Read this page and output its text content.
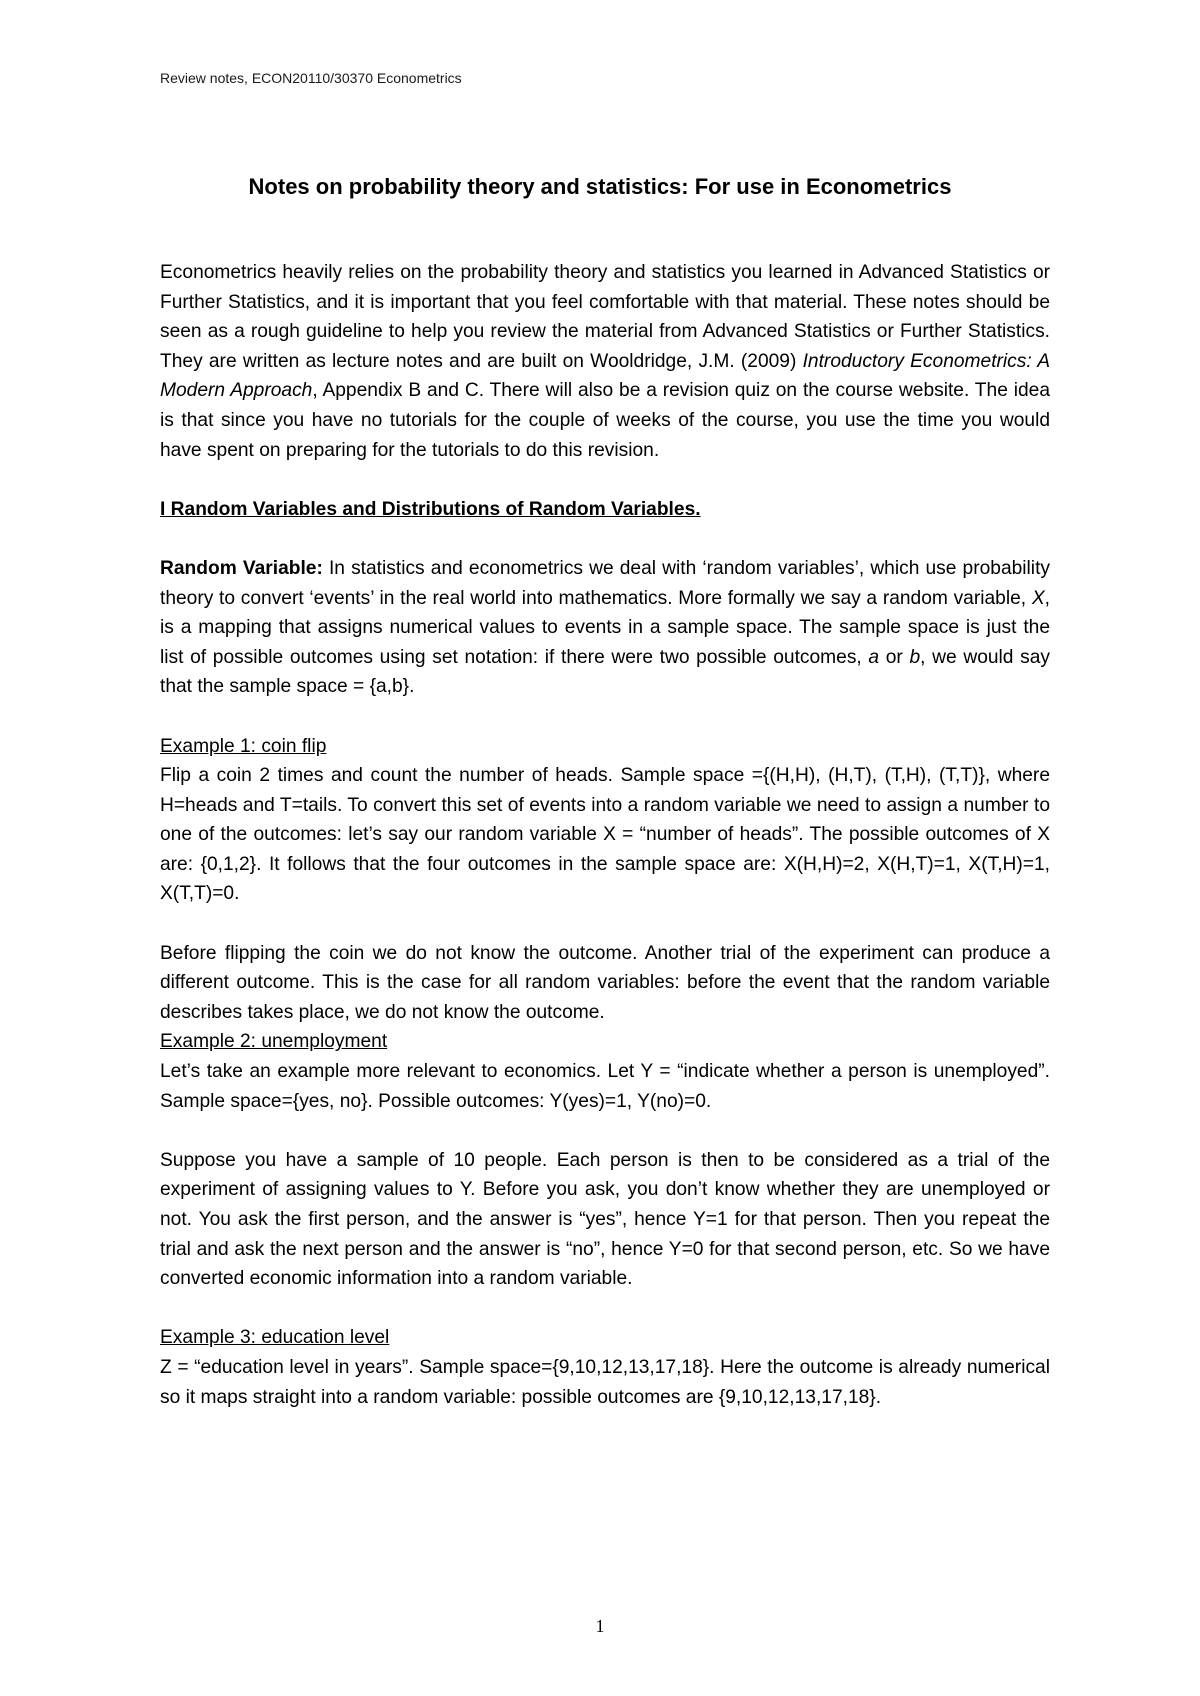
Review notes, ECON20110/30370 Econometrics
Notes on probability theory and statistics: For use in Econometrics

Econometrics heavily relies on the probability theory and statistics you learned in Advanced Statistics or Further Statistics, and it is important that you feel comfortable with that material. These notes should be seen as a rough guideline to help you review the material from Advanced Statistics or Further Statistics. They are written as lecture notes and are built on Wooldridge, J.M. (2009) Introductory Econometrics: A Modern Approach, Appendix B and C. There will also be a revision quiz on the course website. The idea is that since you have no tutorials for the couple of weeks of the course, you use the time you would have spent on preparing for the tutorials to do this revision.

I Random Variables and Distributions of Random Variables.

Random Variable: In statistics and econometrics we deal with ‘random variables’, which use probability theory to convert ‘events’ in the real world into mathematics. More formally we say a random variable, X, is a mapping that assigns numerical values to events in a sample space. The sample space is just the list of possible outcomes using set notation: if there were two possible outcomes, a or b, we would say that the sample space = {a,b}.

Example 1: coin flip

Flip a coin 2 times and count the number of heads. Sample space ={(H,H), (H,T), (T,H), (T,T)}, where H=heads and T=tails. To convert this set of events into a random variable we need to assign a number to one of the outcomes: let’s say our random variable X = “number of heads”. The possible outcomes of X are: {0,1,2}. It follows that the four outcomes in the sample space are: X(H,H)=2, X(H,T)=1, X(T,H)=1, X(T,T)=0.

Before flipping the coin we do not know the outcome. Another trial of the experiment can produce a different outcome. This is the case for all random variables: before the event that the random variable describes takes place, we do not know the outcome.

Example 2: unemployment

Let’s take an example more relevant to economics. Let Y = “indicate whether a person is unemployed”. Sample space={yes, no}. Possible outcomes: Y(yes)=1, Y(no)=0.

Suppose you have a sample of 10 people. Each person is then to be considered as a trial of the experiment of assigning values to Y. Before you ask, you don’t know whether they are unemployed or not. You ask the first person, and the answer is “yes”, hence Y=1 for that person. Then you repeat the trial and ask the next person and the answer is “no”, hence Y=0 for that second person, etc. So we have converted economic information into a random variable.

Example 3: education level

Z = “education level in years”. Sample space={9,10,12,13,17,18}. Here the outcome is already numerical so it maps straight into a random variable: possible outcomes are {9,10,12,13,17,18}.

1
